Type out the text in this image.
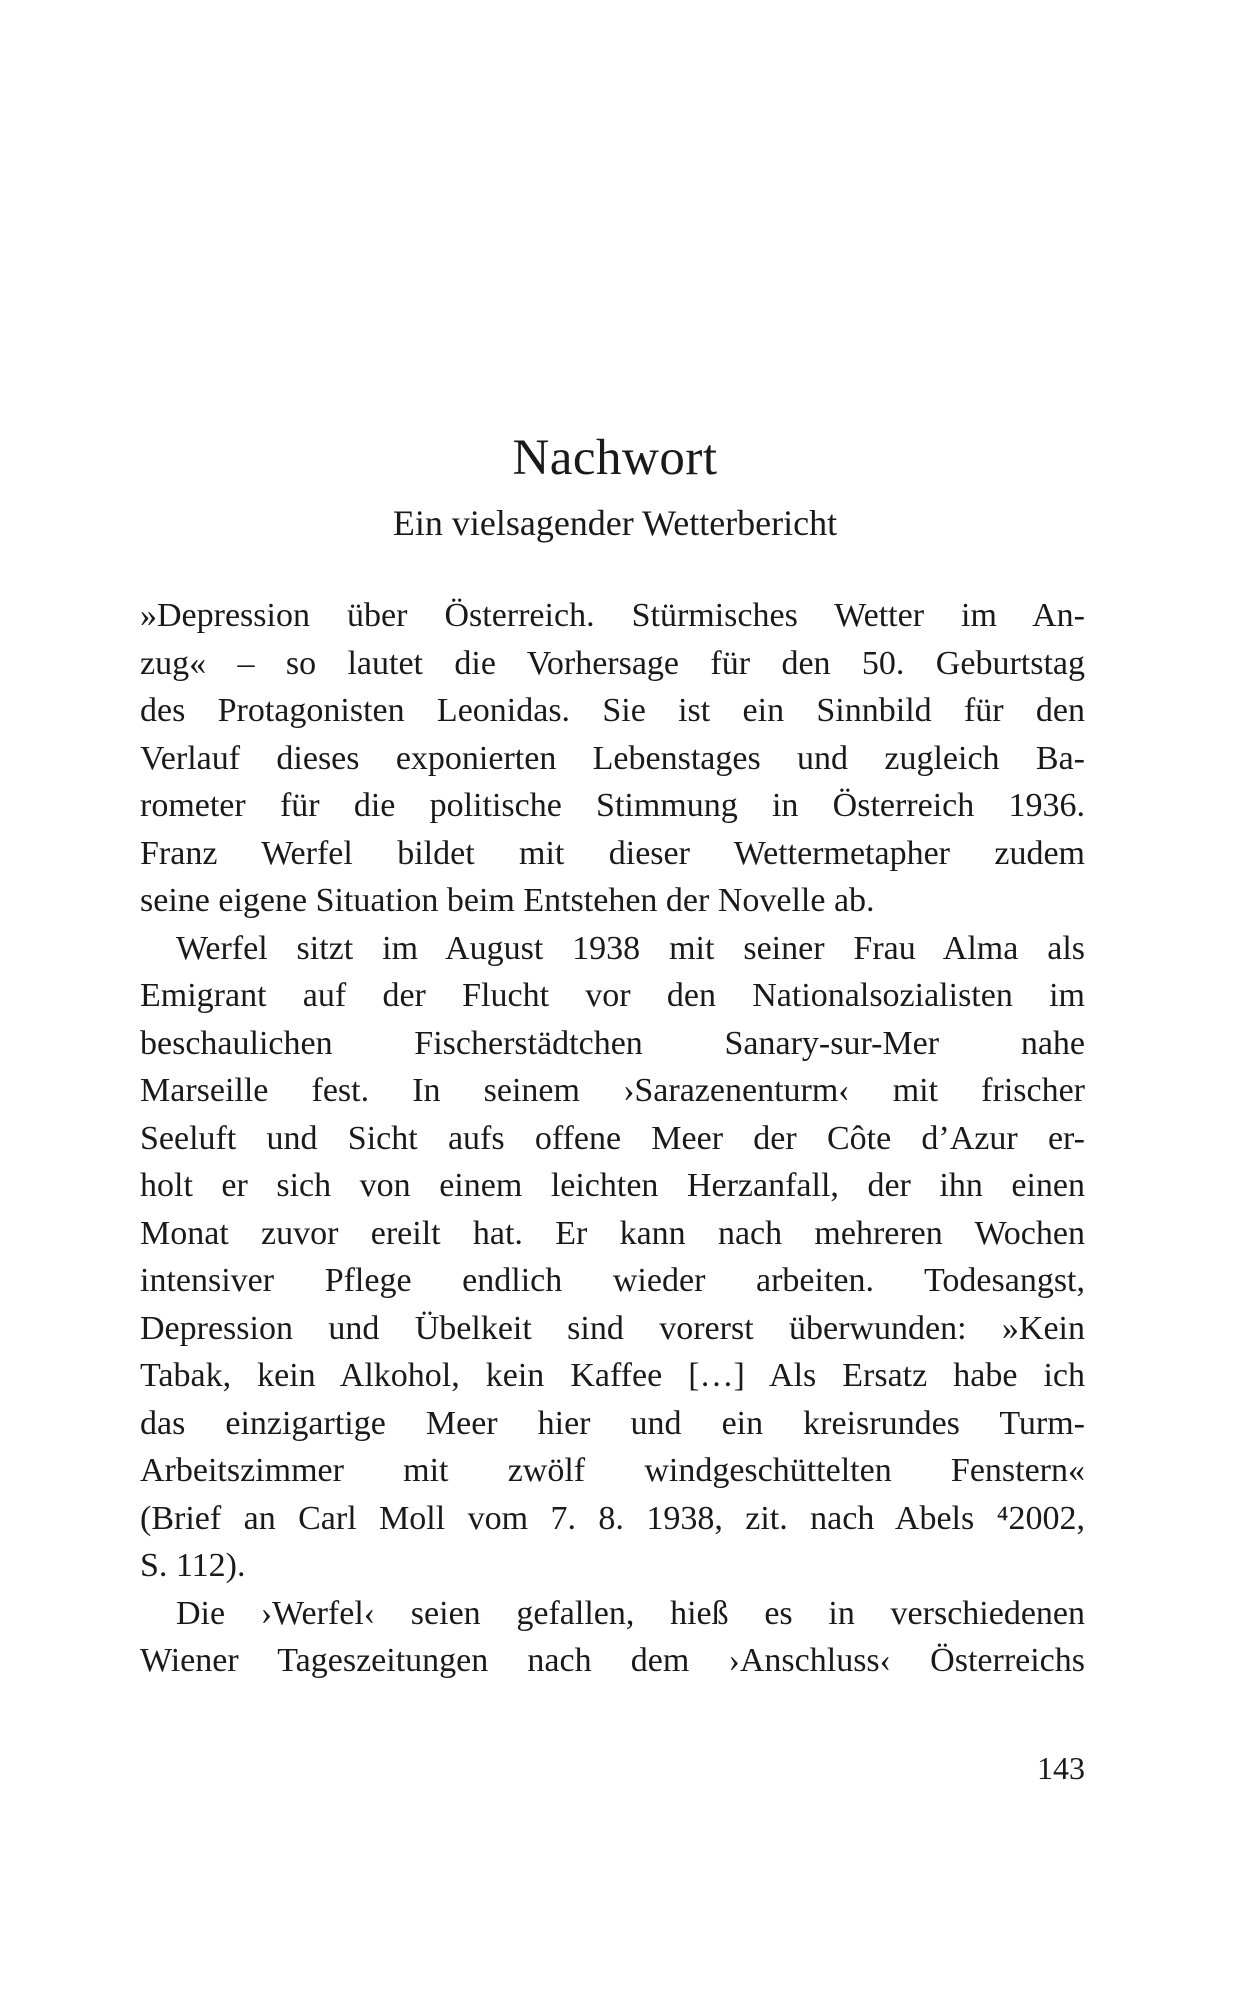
Nachwort
Ein vielsagender Wetterbericht
»Depression über Österreich. Stürmisches Wetter im An-
zug« – so lautet die Vorhersage für den 50. Geburtstag
des Protagonisten Leonidas. Sie ist ein Sinnbild für den
Verlauf dieses exponierten Lebenstages und zugleich Ba-
rometer für die politische Stimmung in Österreich 1936.
Franz Werfel bildet mit dieser Wettermetapher zudem
seine eigene Situation beim Entstehen der Novelle ab.
Werfel sitzt im August 1938 mit seiner Frau Alma als
Emigrant auf der Flucht vor den Nationalsozialisten im
beschaulichen Fischerstädtchen Sanary-sur-Mer nahe
Marseille fest. In seinem ›Sarazenenturm‹ mit frischer
Seeluft und Sicht aufs offene Meer der Côte d’Azur er-
holt er sich von einem leichten Herzanfall, der ihn einen
Monat zuvor ereilt hat. Er kann nach mehreren Wochen
intensiver Pflege endlich wieder arbeiten. Todesangst,
Depression und Übelkeit sind vorerst überwunden: »Kein
Tabak, kein Alkohol, kein Kaffee […] Als Ersatz habe ich
das einzigartige Meer hier und ein kreisrundes Turm-
Arbeitszimmer mit zwölf windgeschüttelten Fenstern«
(Brief an Carl Moll vom 7. 8. 1938, zit. nach Abels ⁴2002,
S. 112).
Die ›Werfel‹ seien gefallen, hieß es in verschiedenen
Wiener Tageszeitungen nach dem ›Anschluss‹ Österreichs
143
